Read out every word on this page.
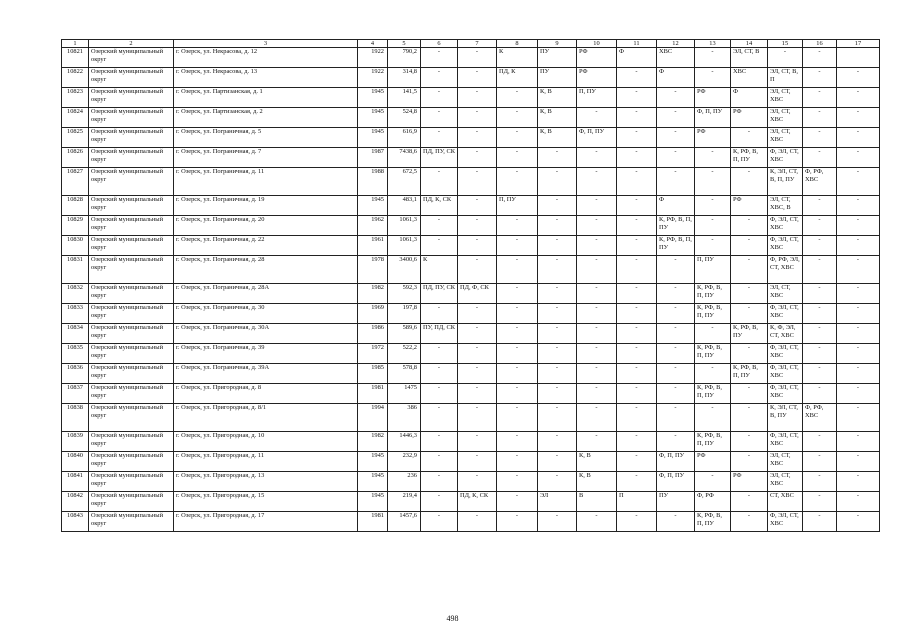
1	2	3	4	5	6	7	8	9	10	11	12	13	14	15	16	17
10821	Озерский муниципальный округ	г. Озерск, ул. Некрасова, д. 12	1922	790,2	-	-	К	ПУ	РФ	Ф	ХВС	-	ЭЛ, СТ, В	-	-	
10822	Озерский муниципальный округ	г. Озерск, ул. Некрасова, д. 13	1922	314,8	-	-	ПД, К	ПУ	РФ	-	Ф	-	ХВС	ЭЛ, СТ, В, П	-	-
10823	Озерский муниципальный округ	г. Озерск, ул. Партизанская, д. 1	1945	141,5	-	-	-	К, В	П, ПУ	-	-	РФ	Ф	ЭЛ, СТ, ХВС	-	-
10824	Озерский муниципальный округ	г. Озерск, ул. Партизанская, д. 2	1945	524,8	-	-	-	К, В	-	-	-	Ф, П, ПУ	РФ	ЭЛ, СТ, ХВС	-	-
10825	Озерский муниципальный округ	г. Озерск, ул. Пограничная, д. 5	1945	616,9	-	-	-	К, В	Ф, П, ПУ	-	-	РФ	-	ЭЛ, СТ, ХВС	-	-
10826	Озерский муниципальный округ	г. Озерск, ул. Пограничная, д. 7	1987	7438,6	ПД, ПУ, СК	-	-	-	-	-	-	-	К, РФ, В, П, ПУ	Ф, ЭЛ, СТ, ХВС	-	-
10827	Озерский муниципальный округ	г. Озерск, ул. Пограничная, д. 11	1988	672,5	-	-	-	-	-	-	-	-	-	К, ЭЛ, СТ, В, П, ПУ	Ф, РФ, ХВС	-
10828	Озерский муниципальный округ	г. Озерск, ул. Пограничная, д. 19	1945	483,1	ПД, К, СК	-	П, ПУ	-	-	-	Ф	-	РФ	ЭЛ, СТ, ХВС, В	-	-
10829	Озерский муниципальный округ	г. Озерск, ул. Пограничная, д. 20	1962	1061,3	-	-	-	-	-	-	К, РФ, В, П, ПУ	-	-	Ф, ЭЛ, СТ, ХВС	-	-
10830	Озерский муниципальный округ	г. Озерск, ул. Пограничная, д. 22	1961	1061,3	-	-	-	-	-	-	К, РФ, В, П, ПУ	-	-	Ф, ЭЛ, СТ, ХВС	-	-
10831	Озерский муниципальный округ	г. Озерск, ул. Пограничная, д. 28	1978	3400,6	К	-	-	-	-	-	-	П, ПУ	-	Ф, РФ, ЭЛ, СТ, ХВС	-	-
10832	Озерский муниципальный округ	г. Озерск, ул. Пограничная, д. 28А	1982	592,3	ПД, ПУ, СК	ПД, Ф, СК	-	-	-	-	-	К, РФ, В, П, ПУ	-	ЭЛ, СТ, ХВС	-	-
10833	Озерский муниципальный округ	г. Озерск, ул. Пограничная, д. 30	1969	197,8	-	-	-	-	-	-	-	К, РФ, В, П, ПУ	-	Ф, ЭЛ, СТ, ХВС	-	-
10834	Озерский муниципальный округ	г. Озерск, ул. Пограничная, д. 30А	1986	589,6	ПУ, ПД, СК	-	-	-	-	-	-	-	К, РФ, В, ПУ	К, Ф, ЭЛ, СТ, ХВС	-	-
10835	Озерский муниципальный округ	г. Озерск, ул. Пограничная, д. 39	1972	522,2	-	-	-	-	-	-	-	К, РФ, В, П, ПУ	-	Ф, ЭЛ, СТ, ХВС	-	-
10836	Озерский муниципальный округ	г. Озерск, ул. Пограничная, д. 39А	1985	578,8	-	-	-	-	-	-	-	-	К, РФ, В, П, ПУ	Ф, ЭЛ, СТ, ХВС	-	-
10837	Озерский муниципальный округ	г. Озерск, ул. Пригородная, д. 8	1981	1475	-	-	-	-	-	-	-	К, РФ, В, П, ПУ	-	Ф, ЭЛ, СТ, ХВС	-	-
10838	Озерский муниципальный округ	г. Озерск, ул. Пригородная, д. 8/1	1994	386	-	-	-	-	-	-	-	-	-	К, ЭЛ, СТ, В, ПУ	Ф, РФ, ХВС	-
10839	Озерский муниципальный округ	г. Озерск, ул. Пригородная, д. 10	1982	1446,3	-	-	-	-	-	-	-	К, РФ, В, П, ПУ	-	Ф, ЭЛ, СТ, ХВС	-	-
10840	Озерский муниципальный округ	г. Озерск, ул. Пригородная, д. 11	1945	232,9	-	-	-	-	К, В	-	Ф, П, ПУ	РФ	-	ЭЛ, СТ, ХВС	-	-
10841	Озерский муниципальный округ	г. Озерск, ул. Пригородная, д. 13	1945	236	-	-	-	-	К, В	-	Ф, П, ПУ	-	РФ	ЭЛ, СТ, ХВС	-	-
10842	Озерский муниципальный округ	г. Озерск, ул. Пригородная, д. 15	1945	219,4	-	ПД, К, СК	-	ЭЛ	В	П	ПУ	Ф, РФ	-	СТ, ХВС	-	-
10843	Озерский муниципальный округ	г. Озерск, ул. Пригородная, д. 17	1981	1457,6	-	-	-	-	-	-	-	К, РФ, В, П, ПУ	-	Ф, ЭЛ, СТ, ХВС	-	-
498
